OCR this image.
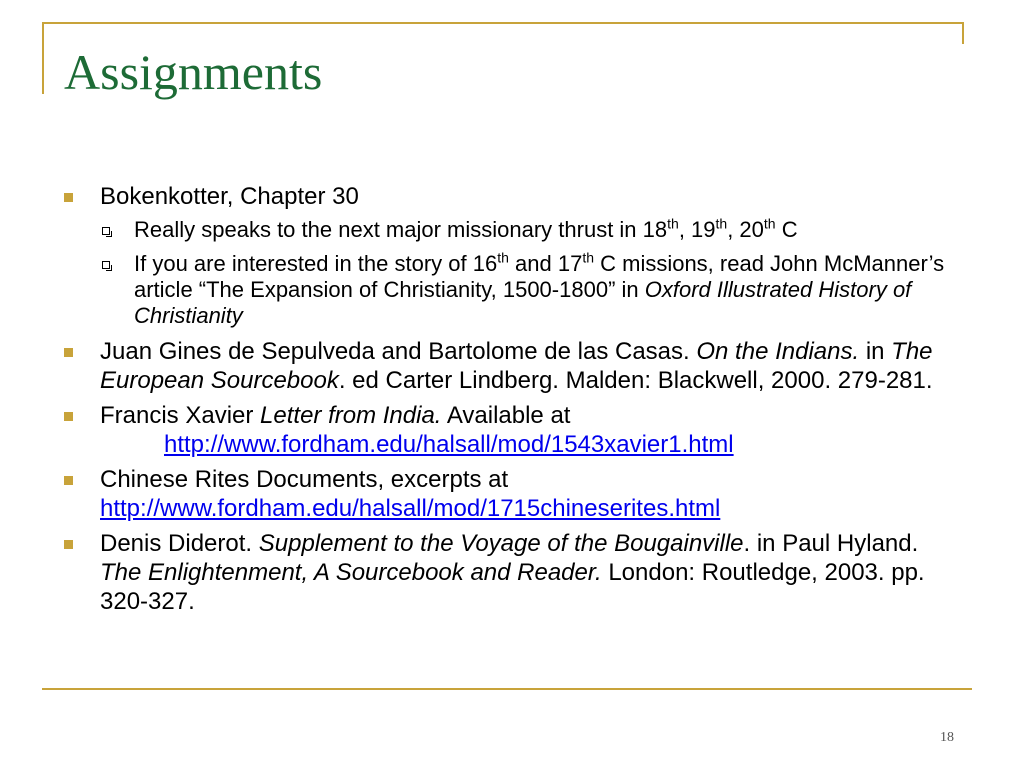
Assignments
Bokenkotter, Chapter 30
Really speaks to the next major missionary thrust in 18th, 19th, 20th C
If you are interested in the story of 16th and 17th C missions, read John McManner’s article “The Expansion of Christianity, 1500-1800” in Oxford Illustrated History of Christianity
Juan Gines de Sepulveda and Bartolome de las Casas. On the Indians. in The European Sourcebook. ed Carter Lindberg. Malden: Blackwell, 2000. 279-281.
Francis Xavier Letter from India. Available at
http://www.fordham.edu/halsall/mod/1543xavier1.html
Chinese Rites Documents, excerpts at
http://www.fordham.edu/halsall/mod/1715chineserites.html
Denis Diderot. Supplement to the Voyage of the Bougainville. in Paul Hyland. The Enlightenment, A Sourcebook and Reader. London: Routledge, 2003. pp. 320-327.
18
